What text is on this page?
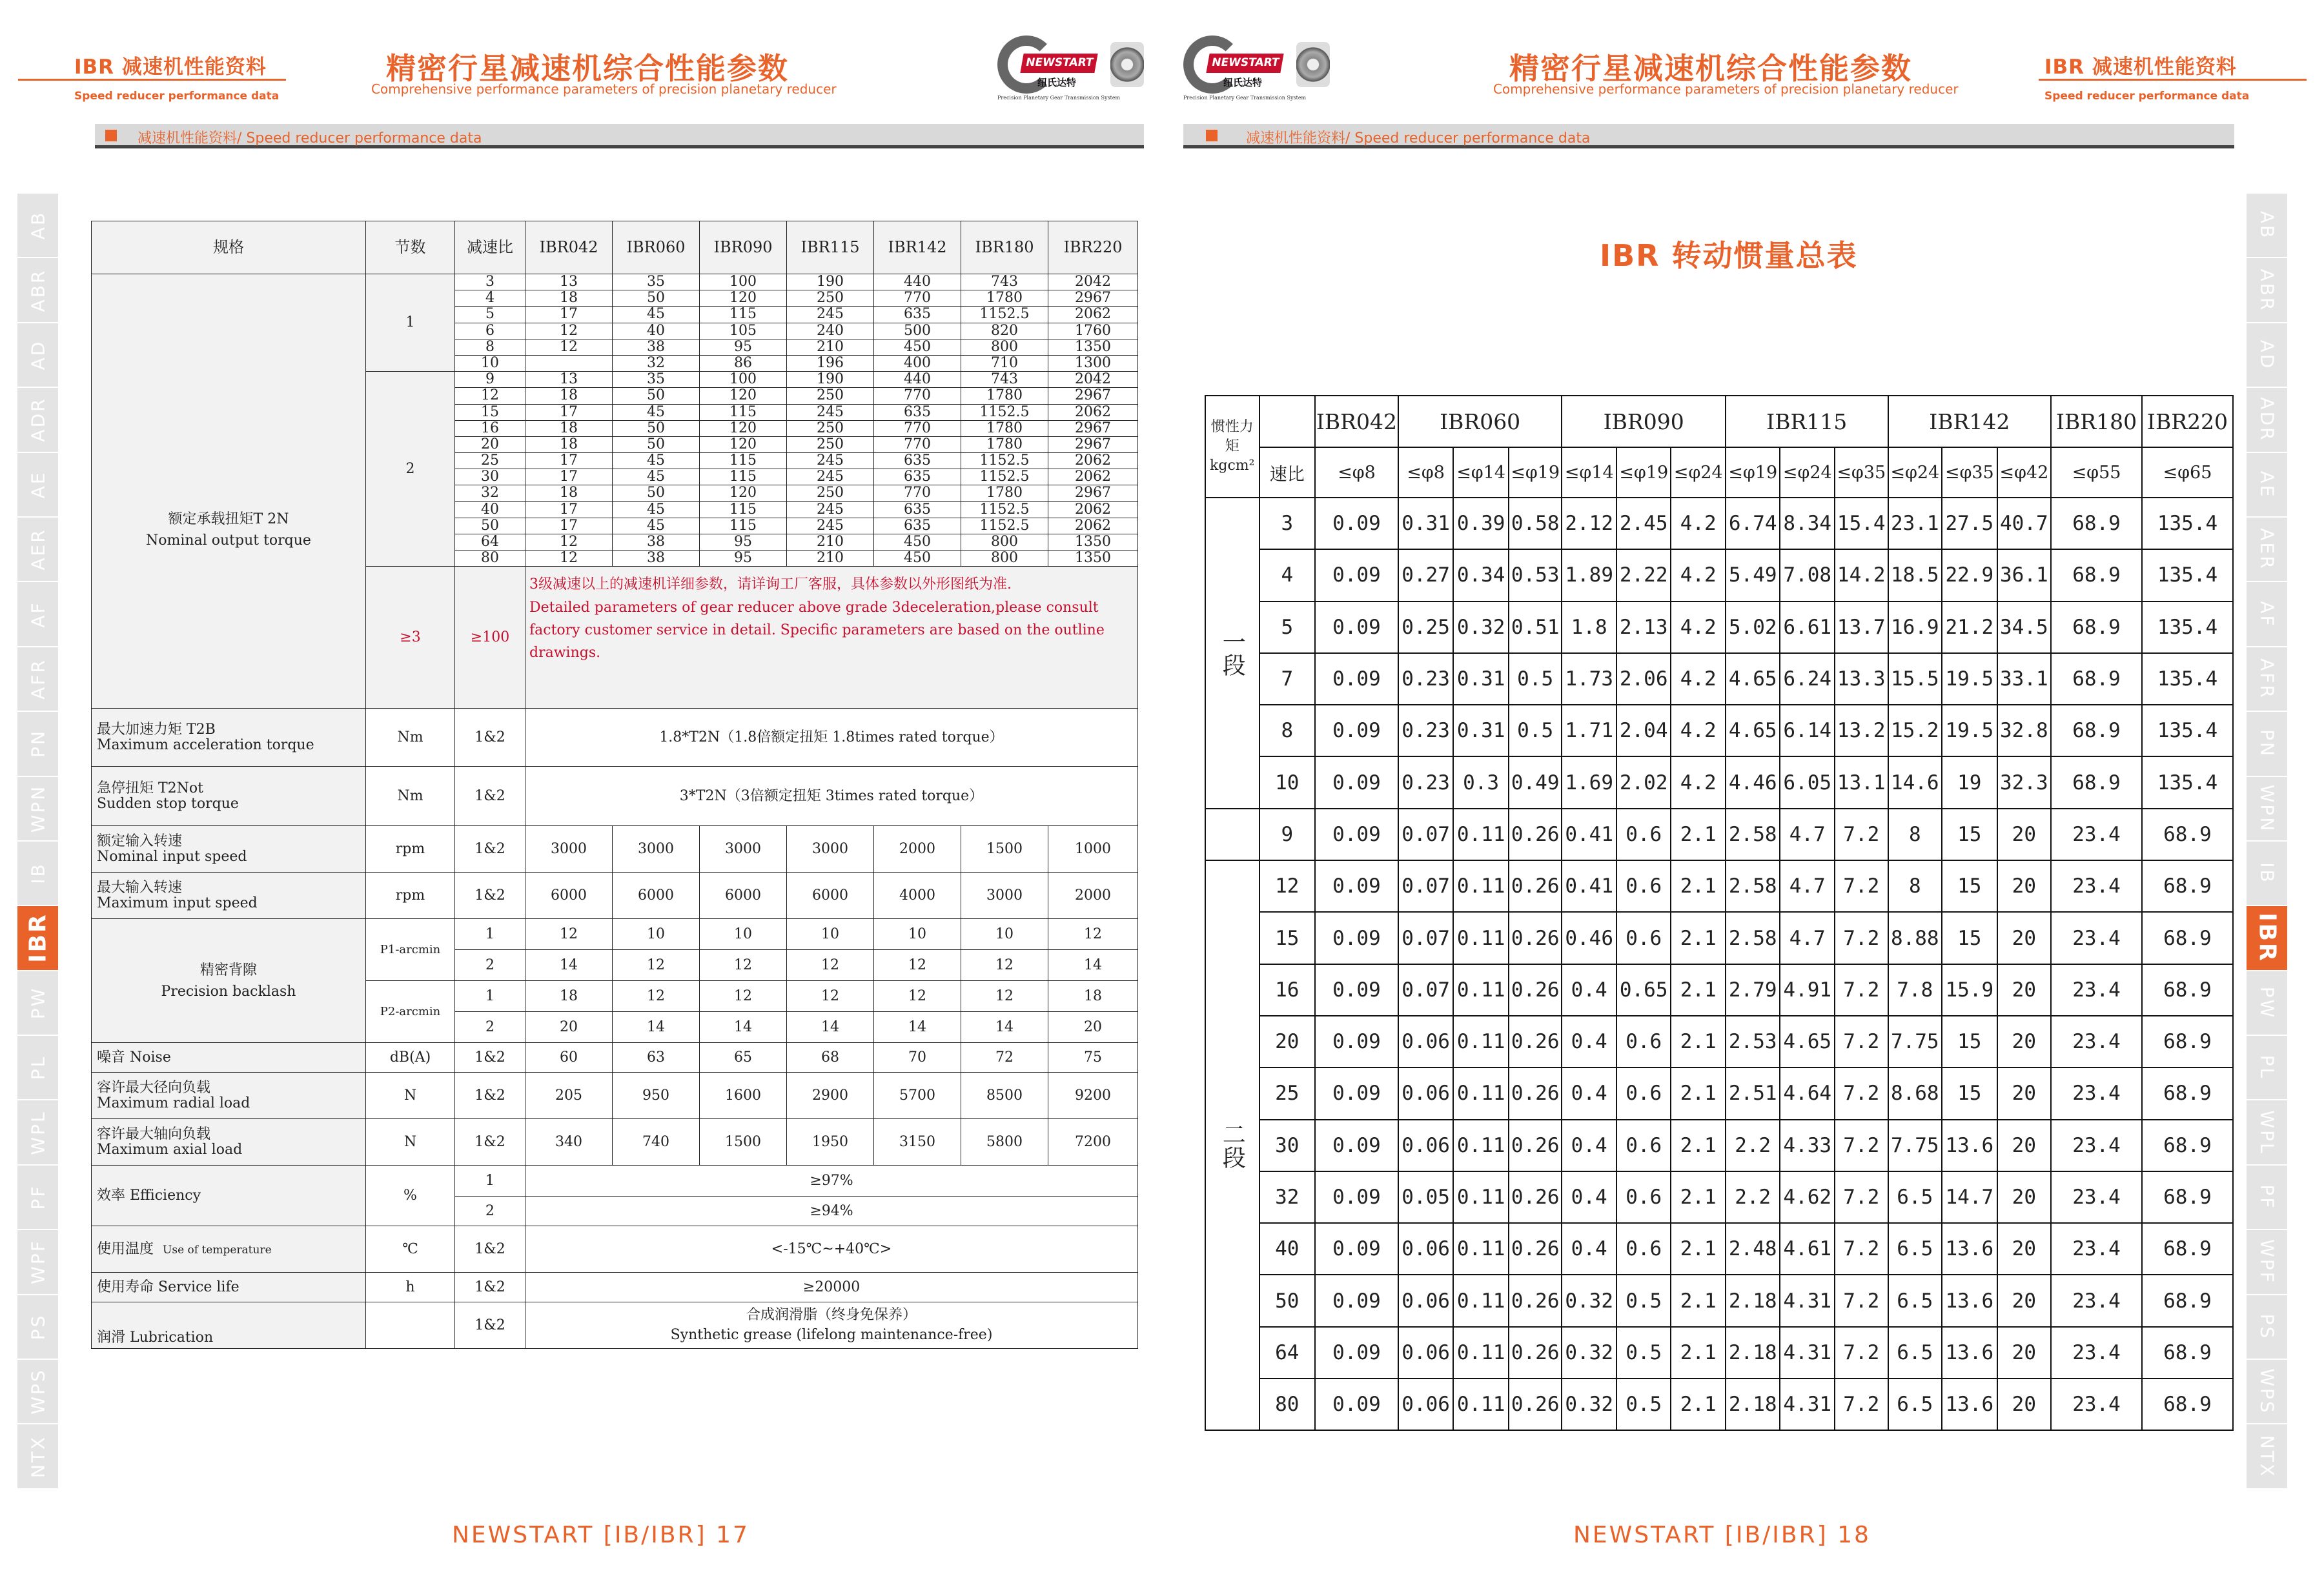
IBR 减速机性能资料
Speed reducer performance data
精密行星减速机综合性能参数
Comprehensive performance parameters of precision planetary reducer
NEWSTART
纽氏达特
Precision Planetary Gear Transmission System
减速机性能资料/ Speed reducer performance data
NEWSTART
纽氏达特
Precision Planetary Gear Transmission System
精密行星减速机综合性能参数
Comprehensive performance parameters of precision planetary reducer
IBR 减速机性能资料
Speed reducer performance data
减速机性能资料/ Speed reducer performance data
AB
ABR
AD
ADR
AE
AER
AF
AFR
PN
WPN
IB
IBR
PW
PL
WPL
PF
WPF
PS
WPS
NTX
AB
ABR
AD
ADR
AE
AER
AF
AFR
PN
WPN
IB
IBR
PW
PL
WPL
PF
WPF
PS
WPS
NTX
规格	节数	减速比	IBR042	IBR060	IBR090	IBR115	IBR142	IBR180	IBR220

额定承载扭矩T 2N
Nominal output torque	1	3	13	35	100	190	440	743	2042
		4	18	50	120	250	770	1780	2967
		5	17	45	115	245	635	1152.5	2062
		6	12	40	105	240	500	820	1760
		8	12	38	95	210	450	800	1350
		10		32	86	196	400	710	1300
	2	9	13	35	100	190	440	743	2042
		12	18	50	120	250	770	1780	2967
		15	17	45	115	245	635	1152.5	2062
		16	18	50	120	250	770	1780	2967
		20	18	50	120	250	770	1780	2967
		25	17	45	115	245	635	1152.5	2062
		30	17	45	115	245	635	1152.5	2062
		32	18	50	120	250	770	1780	2967
		40	17	45	115	245	635	1152.5	2062
		50	17	45	115	245	635	1152.5	2062
		64	12	38	95	210	450	800	1350
		80	12	38	95	210	450	800	1350
	≥3	≥100	3级减速以上的减速机详细参数，请详询工厂客服，具体参数以外形图纸为准.
Detailed parameters of gear reducer above grade 3deceleration,please consult factory customer service in detail. Specific parameters are based on the outline drawings.						

最大加速力矩 T2B
Maximum acceleration torque	Nm	1&2	1.8*T2N（1.8倍额定扭矩 1.8times rated torque）						

急停扭矩 T2Not
Sudden stop torque	Nm	1&2	3*T2N（3倍额定扭矩 3times rated torque）						

额定输入转速
Nominal input speed	rpm	1&2	3000	3000	3000	3000	2000	1500	1000

最大输入转速
Maximum input speed	rpm	1&2	6000	6000	6000	6000	4000	3000	2000

精密背隙
Precision backlash	P1-arcmin	1	12	10	10	10	10	10	12
		2	14	12	12	12	12	12	14
	P2-arcmin	1	18	12	12	12	12	12	18
		2	20	14	14	14	14	14	20
噪音 Noise	dB(A)	1&2	60	63	65	68	70	72	75

容许最大径向负载
Maximum radial load	N	1&2	205	950	1600	2900	5700	8500	9200

容许最大轴向负载
Maximum axial load	N	1&2	340	740	1500	1950	3150	5800	7200
效率 Efficiency	%	1	≥97%						
		2	≥94%						
使用温度 Use of temperature	℃	1&2	<-15℃~+40℃>						
使用寿命 Service life	h	1&2	≥20000						
润滑 Lubrication		1&2	合成润滑脂（终身免保养）
Synthetic grease (lifelong maintenance-free)						
IBR 转动惯量总表
惯性力矩kgcm²		IBR042	IBR060			IBR090			IBR115			IBR142			IBR180	IBR220
	速比	≤φ8	≤φ8	≤φ14	≤φ19	≤φ14	≤φ19	≤φ24	≤φ19	≤φ24	≤φ35	≤φ24	≤φ35	≤φ42	≤φ55	≤φ65
一段	3	0.09	0.31	0.39	0.58	2.12	2.45	4.2	6.74	8.34	15.4	23.1	27.5	40.7	68.9	135.4
	4	0.09	0.27	0.34	0.53	1.89	2.22	4.2	5.49	7.08	14.2	18.5	22.9	36.1	68.9	135.4
	5	0.09	0.25	0.32	0.51	1.8	2.13	4.2	5.02	6.61	13.7	16.9	21.2	34.5	68.9	135.4
	7	0.09	0.23	0.31	0.5	1.73	2.06	4.2	4.65	6.24	13.3	15.5	19.5	33.1	68.9	135.4
	8	0.09	0.23	0.31	0.5	1.71	2.04	4.2	4.65	6.14	13.2	15.2	19.5	32.8	68.9	135.4
	10	0.09	0.23	0.3	0.49	1.69	2.02	4.2	4.46	6.05	13.1	14.6	19	32.3	68.9	135.4
	9	0.09	0.07	0.11	0.26	0.41	0.6	2.1	2.58	4.7	7.2	8	15	20	23.4	68.9
二段	12	0.09	0.07	0.11	0.26	0.41	0.6	2.1	2.58	4.7	7.2	8	15	20	23.4	68.9
	15	0.09	0.07	0.11	0.26	0.46	0.6	2.1	2.58	4.7	7.2	8.88	15	20	23.4	68.9
	16	0.09	0.07	0.11	0.26	0.4	0.65	2.1	2.79	4.91	7.2	7.8	15.9	20	23.4	68.9
	20	0.09	0.06	0.11	0.26	0.4	0.6	2.1	2.53	4.65	7.2	7.75	15	20	23.4	68.9
	25	0.09	0.06	0.11	0.26	0.4	0.6	2.1	2.51	4.64	7.2	8.68	15	20	23.4	68.9
	30	0.09	0.06	0.11	0.26	0.4	0.6	2.1	2.2	4.33	7.2	7.75	13.6	20	23.4	68.9
	32	0.09	0.05	0.11	0.26	0.4	0.6	2.1	2.2	4.62	7.2	6.5	14.7	20	23.4	68.9
	40	0.09	0.06	0.11	0.26	0.4	0.6	2.1	2.48	4.61	7.2	6.5	13.6	20	23.4	68.9
	50	0.09	0.06	0.11	0.26	0.32	0.5	2.1	2.18	4.31	7.2	6.5	13.6	20	23.4	68.9
	64	0.09	0.06	0.11	0.26	0.32	0.5	2.1	2.18	4.31	7.2	6.5	13.6	20	23.4	68.9
	80	0.09	0.06	0.11	0.26	0.32	0.5	2.1	2.18	4.31	7.2	6.5	13.6	20	23.4	68.9
NEWSTART [IB/IBR] 17	NEWSTART [IB/IBR] 18
